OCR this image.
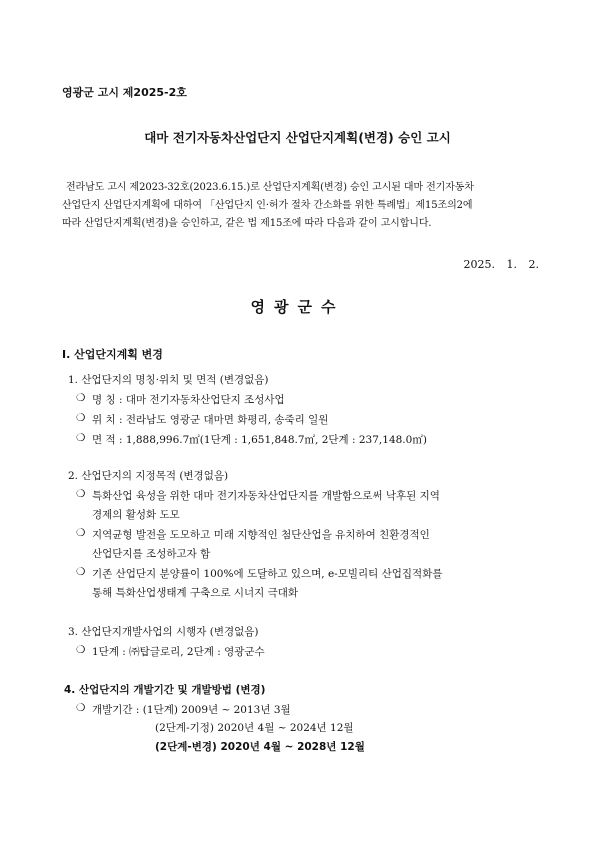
영광군 고시 제2025-2호
대마 전기자동차산업단지 산업단지계획(변경) 승인 고시
전라남도 고시 제2023-32호(2023.6.15.)로 산업단지계획(변경) 승인 고시된 대마 전기자동차
산업단지 산업단지계획에 대하여 「산업단지 인·허가 절차 간소화를 위한 특례법」제15조의2에
따라 산업단지계획(변경)을 승인하고, 같은 법 제15조에 따라 다음과 같이 고시합니다.
2025. 1. 2.
영광군수
Ⅰ. 산업단지계획 변경
1. 산업단지의 명칭·위치 및 면적 (변경없음)
❍ 명 칭 : 대마 전기자동차산업단지 조성사업
❍ 위 치 : 전라남도 영광군 대마면 화평리, 송죽리 일원
❍ 면 적 : 1,888,996.7㎡(1단계 : 1,651,848.7㎡, 2단계 : 237,148.0㎡)
2. 산업단지의 지정목적 (변경없음)
❍ 특화산업 육성을 위한 대마 전기자동차산업단지를 개발함으로써 낙후된 지역
경제의 활성화 도모
❍ 지역균형 발전을 도모하고 미래 지향적인 첨단산업을 유치하여 친환경적인
산업단지를 조성하고자 함
❍ 기존 산업단지 분양률이 100%에 도달하고 있으며, e-모빌리티 산업집적화를
통해 특화산업생태계 구축으로 시너지 극대화
3. 산업단지개발사업의 시행자 (변경없음)
❍ 1단계 : ㈜탑글로리, 2단계 : 영광군수
4. 산업단지의 개발기간 및 개발방법 (변경)
❍ 개발기간 : (1단계) 2009년 ~ 2013년 3월
(2단계-기정) 2020년 4월 ~ 2024년 12월
(2단계-변경) 2020년 4월 ~ 2028년 12월
